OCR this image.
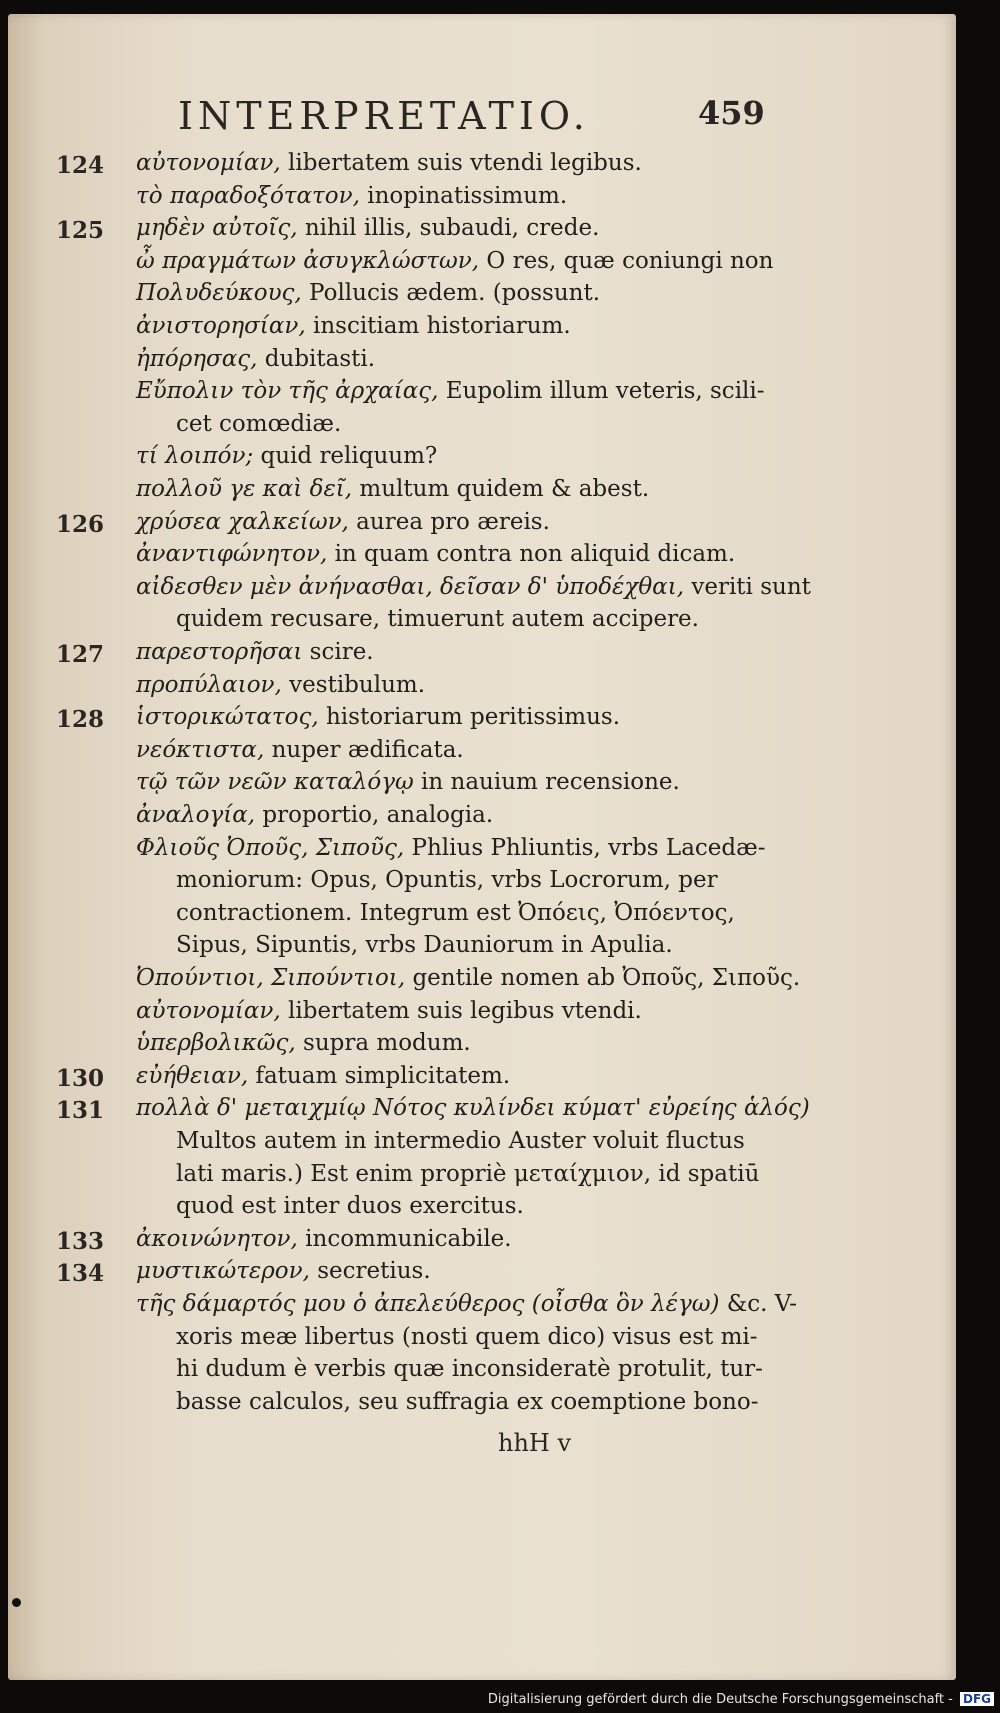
INTERPRETATIO.	459
124	αὐτονομίαν, libertatem suis vtendi legibus.
τὸ παραδοξότατον, inopinatissimum.
125	μηδὲν αὐτοῖς, nihil illis, subaudi, crede.
ὦ πραγμάτων ἀσυγκλώστων, O res, quæ coniungi non
Πολυδεύκους, Pollucis ædem. (possunt.
ἀνιστορησίαν, inscitiam historiarum.
ἠπόρησας, dubitasti.
Εὔπολιν τὸν τῆς ἀρχαίας, Eupolim illum veteris, scili-
cet comœdiæ.
τί λοιπόν; quid reliquum?
πολλοῦ γε καὶ δεῖ, multum quidem & abest.
126	χρύσεα χαλκείων, aurea pro æreis.
ἀναντιφώνητον, in quam contra non aliquid dicam.
αἰδεσθεν μὲν ἀνήνασθαι, δεῖσαν δ' ὑποδέχθαι, veriti sunt
quidem recusare, timuerunt autem accipere.
127	παρεστορῆσαι scire.
προπύλαιον, vestibulum.
128	ἱστορικώτατος, historiarum peritissimus.
νεόκτιστα, nuper ædificata.
τῷ τῶν νεῶν καταλόγῳ in nauium recensione.
ἀναλογία, proportio, analogia.
Φλιοῦς Ὀποῦς, Σιποῦς, Phlius Phliuntis, vrbs Lacedæ-
moniorum: Opus, Opuntis, vrbs Locrorum, per
contractionem. Integrum est Ὀπόεις, Ὀπόεντος,
Sipus, Sipuntis, vrbs Dauniorum in Apulia.
Ὀπούντιοι, Σιπούντιοι, gentile nomen ab Ὀποῦς, Σιποῦς.
αὐτονομίαν, libertatem suis legibus vtendi.
ὑπερβολικῶς, supra modum.
130	εὐήθειαν, fatuam simplicitatem.
131	πολλὰ δ' μεταιχμίῳ Νότος κυλίνδει κύματ' εὐρείης ἁλός)
Multos autem in intermedio Auster voluit fluctus
lati maris.) Est enim propriè μεταίχμιον, id spatiū
quod est inter duos exercitus.
133	ἀκοινώνητον, incommunicabile.
134	μυστικώτερον, secretius.
τῆς δάμαρτός μου ὁ ἀπελεύθερος (οἶσθα ὃν λέγω) &c. V-
xoris meæ libertus (nosti quem dico) visus est mi-
hi dudum è verbis quæ inconsideratè protulit, tur-
basse calculos, seu suffragia ex coemptione bono-
hhH v
Digitalisierung gefördert durch die Deutsche Forschungsgemeinschaft - DFG
